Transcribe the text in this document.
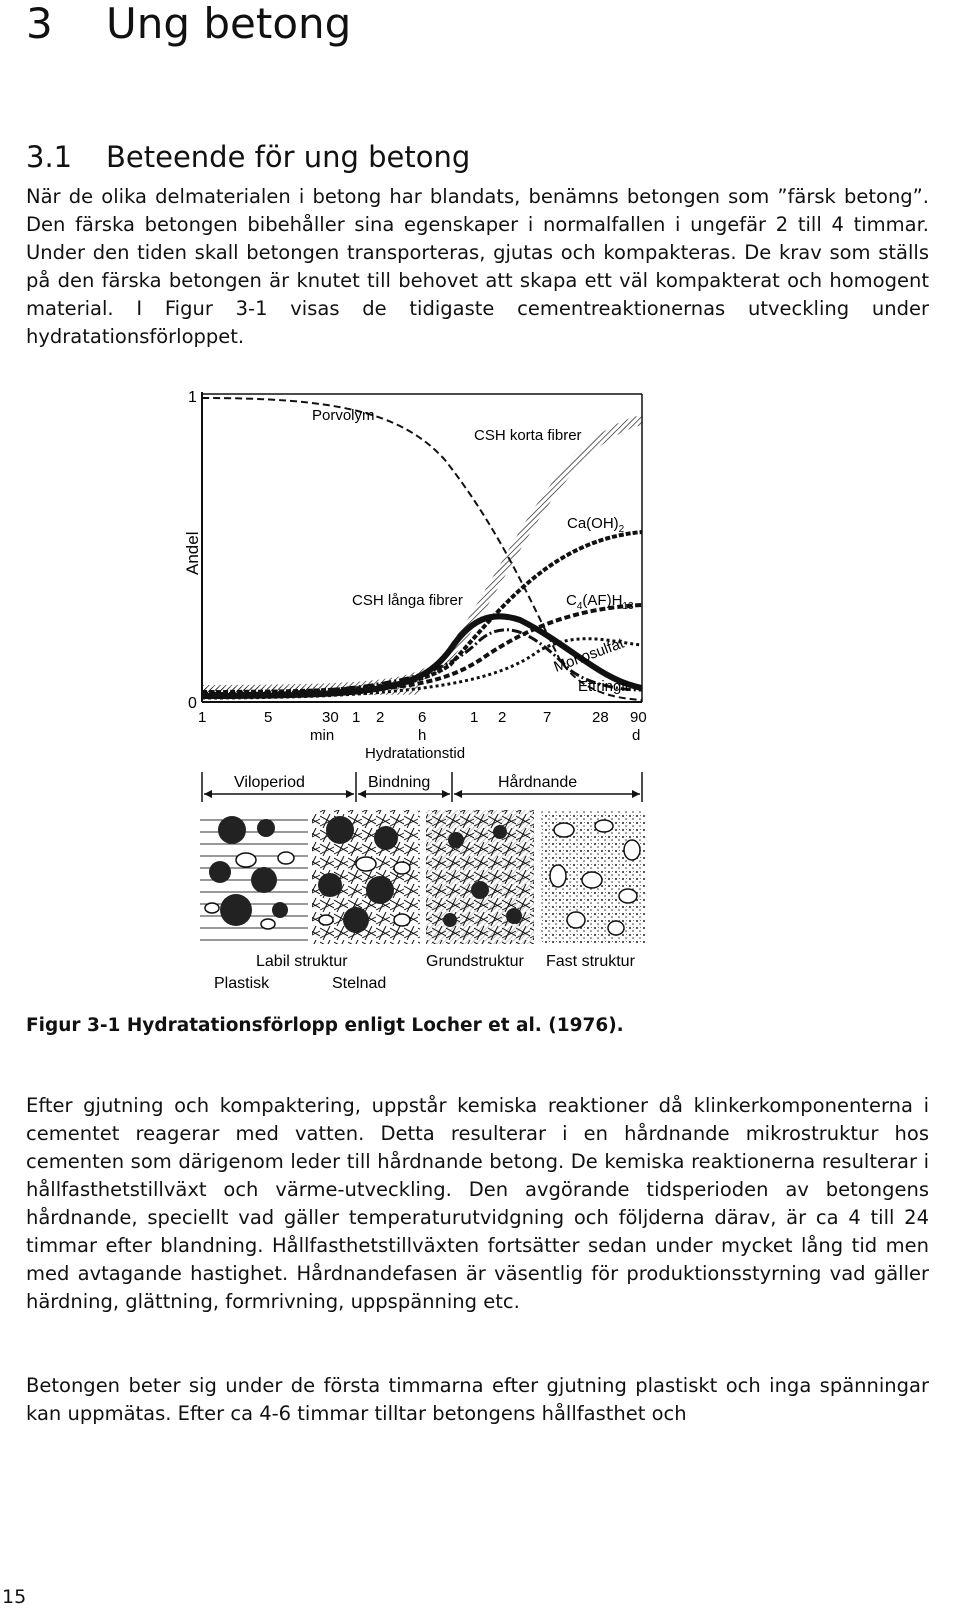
3 Ung betong
3.1 Beteende för ung betong
När de olika delmaterialen i betong har blandats, benämns betongen som ”färsk betong”. Den färska betongen bibehåller sina egenskaper i normalfallen i ungefär 2 till 4 timmar. Under den tiden skall betongen transporteras, gjutas och kompakteras. De krav som ställs på den färska betongen är knutet till behovet att skapa ett väl kompakterat och homogent material. I Figur 3-1 visas de tidigaste cementreaktionernas utveckling under hydratationsförloppet.
1
0
Andel
Porvolym
CSH korta fibrer
$Ca(OH)_2$
$C_4(AF)H_{13}$
CSH långa fibrer
Monosulfat
Ettringit
1	5	30 1 2 6	1 2 7	28 90
min	h	d
Hydratationstid
Viloperiod	Bindning	Hårdnande
Labil struktur
Plastisk	Stelnad
Grundstruktur Fast struktur
Figur 3-1 Hydratationsförlopp enligt Locher et al. (1976).
Efter gjutning och kompaktering, uppstår kemiska reaktioner då klinkerkomponenterna i cementet reagerar med vatten. Detta resulterar i en hårdnande mikrostruktur hos cementen som därigenom leder till hårdnande betong. De kemiska reaktionerna resulterar i hållfasthetstillväxt och värme-utveckling. Den avgörande tidsperioden av betongens hårdnande, speciellt vad gäller temperaturutvidgning och följderna därav, är ca 4 till 24 timmar efter blandning. Hållfasthetstillväxten fortsätter sedan under mycket lång tid men med avtagande hastighet. Hårdnandefasen är väsentlig för produktionsstyrning vad gäller härdning, glättning, formrivning, uppspänning etc.
Betongen beter sig under de första timmarna efter gjutning plastiskt och inga spänningar kan uppmätas. Efter ca 4-6 timmar tilltar betongens hållfasthet och
15
